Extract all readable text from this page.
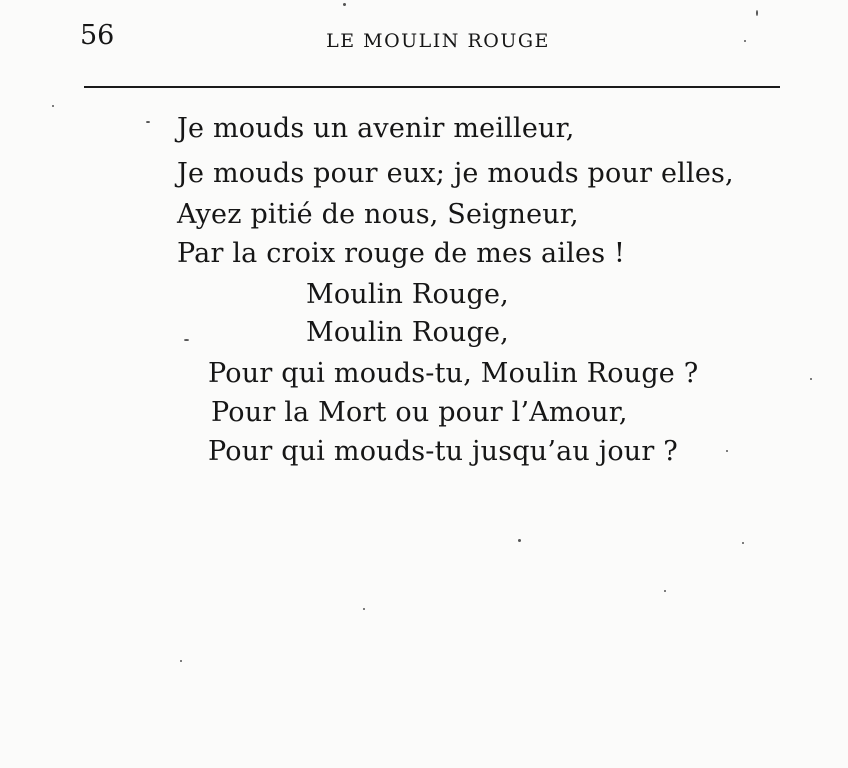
56	LE MOULIN ROUGE
Je mouds un avenir meilleur,
Je mouds pour eux; je mouds pour elles,
Ayez pitié de nous, Seigneur,
Par la croix rouge de mes ailes !
Moulin Rouge,
Moulin Rouge,
Pour qui mouds-tu, Moulin Rouge ?
Pour la Mort ou pour l’Amour,
Pour qui mouds-tu jusqu’au jour ?
